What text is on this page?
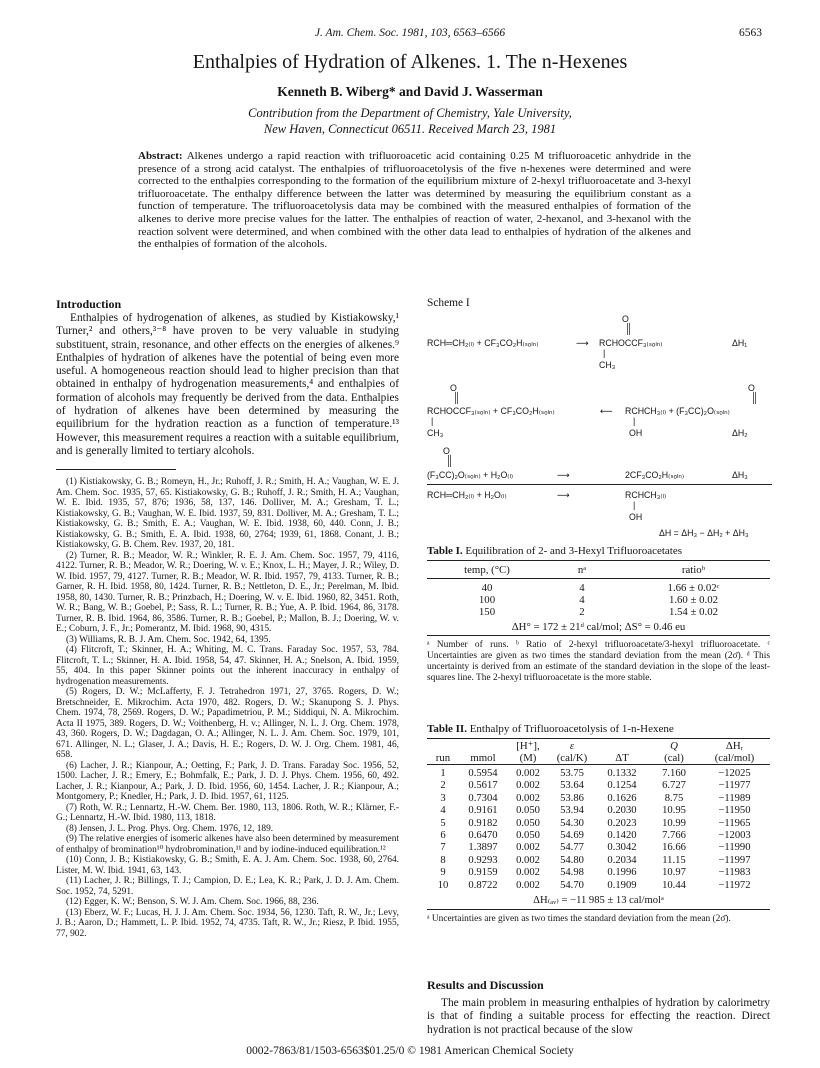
J. Am. Chem. Soc. 1981, 103, 6563–6566	6563
Enthalpies of Hydration of Alkenes. 1. The n-Hexenes
Kenneth B. Wiberg* and David J. Wasserman
Contribution from the Department of Chemistry, Yale University,
New Haven, Connecticut 06511. Received March 23, 1981
Abstract: Alkenes undergo a rapid reaction with trifluoroacetic acid containing 0.25 M trifluoroacetic anhydride in the presence of a strong acid catalyst. The enthalpies of trifluoroacetolysis of the five n-hexenes were determined and were corrected to the enthalpies corresponding to the formation of the equilibrium mixture of 2-hexyl trifluoroacetate and 3-hexyl trifluoroacetate. The enthalpy difference between the latter was determined by measuring the equilibrium constant as a function of temperature. The trifluoroacetolysis data may be combined with the measured enthalpies of formation of the alkenes to derive more precise values for the latter. The enthalpies of reaction of water, 2-hexanol, and 3-hexanol with the reaction solvent were determined, and when combined with the other data lead to enthalpies of hydration of the alkenes and the enthalpies of formation of the alcohols.
Introduction

Enthalpies of hydrogenation of alkenes, as studied by Kistiakowsky,¹ Turner,² and others,³⁻⁸ have proven to be very valuable in studying substituent, strain, resonance, and other effects on the energies of alkenes.⁹ Enthalpies of hydration of alkenes have the potential of being even more useful. A homogeneous reaction should lead to higher precision than that obtained in enthalpy of hydrogenation measurements,⁴ and enthalpies of formation of alcohols may frequently be derived from the data. Enthalpies of hydration of alkenes have been determined by measuring the equilibrium for the hydration reaction as a function of temperature.¹³ However, this measurement requires a reaction with a suitable equilibrium, and is generally limited to tertiary alcohols.

(1) Kistiakowsky, G. B.; Romeyn, H., Jr.; Ruhoff, J. R.; Smith, H. A.; Vaughan, W. E. J. Am. Chem. Soc. 1935, 57, 65. Kistiakowsky, G. B.; Ruhoff, J. R.; Smith, H. A.; Vaughan, W. E. Ibid. 1935, 57, 876; 1936, 58, 137, 146. Dolliver, M. A.; Gresham, T. L.; Kistiakowsky, G. B.; Vaughan, W. E. Ibid. 1937, 59, 831. Dolliver, M. A.; Gresham, T. L.; Kistiakowsky, G. B.; Smith, E. A.; Vaughan, W. E. Ibid. 1938, 60, 440. Conn, J. B.; Kistiakowsky, G. B.; Smith, E. A. Ibid. 1938, 60, 2764; 1939, 61, 1868. Conant, J. B.; Kistiakowsky, G. B. Chem. Rev. 1937, 20, 181.

(2) Turner, R. B.; Meador, W. R.; Winkler, R. E. J. Am. Chem. Soc. 1957, 79, 4116, 4122. Turner, R. B.; Meador, W. R.; Doering, W. v. E.; Knox, L. H.; Mayer, J. R.; Wiley, D. W. Ibid. 1957, 79, 4127. Turner, R. B.; Meador, W. R. Ibid. 1957, 79, 4133. Turner, R. B.; Garner, R. H. Ibid. 1958, 80, 1424. Turner, R. B.; Nettleton, D. E., Jr.; Perelman, M. Ibid. 1958, 80, 1430. Turner, R. B.; Prinzbach, H.; Doering, W. v. E. Ibid. 1960, 82, 3451. Roth, W. R.; Bang, W. B.; Goebel, P.; Sass, R. L.; Turner, R. B.; Yue, A. P. Ibid. 1964, 86, 3178. Turner, R. B. Ibid. 1964, 86, 3586. Turner, R. B.; Goebel, P.; Mallon, B. J.; Doering, W. v. E.; Coburn, J. F., Jr.; Pomerantz, M. Ibid. 1968, 90, 4315.

(3) Williams, R. B. J. Am. Chem. Soc. 1942, 64, 1395.

(4) Flitcroft, T.; Skinner, H. A.; Whiting, M. C. Trans. Faraday Soc. 1957, 53, 784. Flitcroft, T. L.; Skinner, H. A. Ibid. 1958, 54, 47. Skinner, H. A.; Snelson, A. Ibid. 1959, 55, 404. In this paper Skinner points out the inherent inaccuracy in enthalpy of hydrogenation measurements.

(5) Rogers, D. W.; McLafferty, F. J. Tetrahedron 1971, 27, 3765. Rogers, D. W.; Bretschneider, E. Mikrochim. Acta 1970, 482. Rogers, D. W.; Skanupong S. J. Phys. Chem. 1974, 78, 2569. Rogers, D. W.; Papadimetriou, P. M.; Siddiqui, N. A. Mikrochim. Acta II 1975, 389. Rogers, D. W.; Voithenberg, H. v.; Allinger, N. L. J. Org. Chem. 1978, 43, 360. Rogers, D. W.; Dagdagan, O. A.; Allinger, N. L. J. Am. Chem. Soc. 1979, 101, 671. Allinger, N. L.; Glaser, J. A.; Davis, H. E.; Rogers, D. W. J. Org. Chem. 1981, 46, 658.

(6) Lacher, J. R.; Kianpour, A.; Oetting, F.; Park, J. D. Trans. Faraday Soc. 1956, 52, 1500. Lacher, J. R.; Emery, E.; Bohmfalk, E.; Park, J. D. J. Phys. Chem. 1956, 60, 492. Lacher, J. R.; Kianpour, A.; Park, J. D. Ibid. 1956, 60, 1454. Lacher, J. R.; Kianpour, A.; Montgomery, P.; Knedler, H.; Park, J. D. Ibid. 1957, 61, 1125.

(7) Roth, W. R.; Lennartz, H.-W. Chem. Ber. 1980, 113, 1806. Roth, W. R.; Klärner, F.-G.; Lennartz, H.-W. Ibid. 1980, 113, 1818.

(8) Jensen, J. L. Prog. Phys. Org. Chem. 1976, 12, 189.

(9) The relative energies of isomeric alkenes have also been determined by measurement of enthalpy of bromination¹⁰ hydrobromination,¹¹ and by iodine-induced equilibration.¹²

(10) Conn, J. B.; Kistiakowsky, G. B.; Smith, E. A. J. Am. Chem. Soc. 1938, 60, 2764. Lister, M. W. Ibid. 1941, 63, 143.

(11) Lacher, J. R.; Billings, T. J.; Campion, D. E.; Lea, K. R.; Park, J. D. J. Am. Chem. Soc. 1952, 74, 5291.

(12) Egger, K. W.; Benson, S. W. J. Am. Chem. Soc. 1966, 88, 236.

(13) Eberz, W. F.; Lucas, H. J. J. Am. Chem. Soc. 1934, 56, 1230. Taft, R. W., Jr.; Levy, J. B.; Aaron, D.; Hammett, L. P. Ibid. 1952, 74, 4735. Taft, R. W., Jr.; Riesz, P. Ibid. 1955, 77, 902.

Scheme I
O
║
RCH═CH₂₍ₗ₎ + CF₃CO₂H₍ₛₒₗₙ₎	⟶ RCHOCCF₃₍ₛₒₗₙ₎	ΔH₁
|
CH₃
O
║
O
║
RCHOCCF₃₍ₛₒₗₙ₎ + CF₃CO₂H₍ₛₒₗₙ₎	⟵ RCHCH₃₍ₗ₎ + (F₃CC)₂O₍ₛₒₗₙ₎
|	|
CH₃	OH	ΔH₂
O
║
(F₃CC)₂O₍ₛₒₗₙ₎ + H₂O₍ₗ₎	⟶	2CF₃CO₂H₍ₛₒₗₙ₎	ΔH₃
RCH═CH₂₍ₗ₎ + H₂O₍ₗ₎	⟶	RCHCH₃₍ₗ₎
|
OH
ΔH = ΔH₃ − ΔH₂ + ΔH₃
Table I. Equilibration of 2- and 3-Hexyl Trifluoroacetates
temp, (°C)	nᵃ	ratioᵇ
40	4	1.66 ± 0.02ᶜ
100	4	1.60 ± 0.02
150	2	1.54 ± 0.02
ΔH° = 172 ± 21ᵈ cal/mol; ΔS° = 0.46 eu		

ᵃ Number of runs. ᵇ Ratio of 2-hexyl trifluoroacetate/3-hexyl trifluoroacetate. ᶜ Uncertainties are given as two times the standard deviation from the mean (2σ̄). ᵈ This uncertainty is derived from an estimate of the standard deviation in the slope of the least-squares line. The 2-hexyl trifluoroacetate is the more stable.

Table II. Enthalpy of Trifluoroacetolysis of 1-n-Hexene
		[H⁺],	ε		Q	ΔHᵣ
run	mmol	(M)	(cal/K)	ΔT	(cal)	(cal/mol)
1	0.5954	0.002	53.75	0.1332	7.160	−12025
2	0.5617	0.002	53.64	0.1254	6.727	−11977
3	0.7304	0.002	53.86	0.1626	8.75	−11989
4	0.9161	0.050	53.94	0.2030	10.95	−11950
5	0.9182	0.050	54.30	0.2023	10.99	−11965
6	0.6470	0.050	54.69	0.1420	7.766	−12003
7	1.3897	0.002	54.77	0.3042	16.66	−11990
8	0.9293	0.002	54.80	0.2034	11.15	−11997
9	0.9159	0.002	54.98	0.1996	10.97	−11983
10	0.8722	0.002	54.70	0.1909	10.44	−11972
ΔH₍ₐᵥ₎ = −11 985 ± 13 cal/molᵃ						

ᵃ Uncertainties are given as two times the standard deviation from the mean (2σ̄).

Results and Discussion

The main problem in measuring enthalpies of hydration by calorimetry is that of finding a suitable process for effecting the reaction. Direct hydration is not practical because of the slow

0002-7863/81/1503-6563$01.25/0 © 1981 American Chemical Society
